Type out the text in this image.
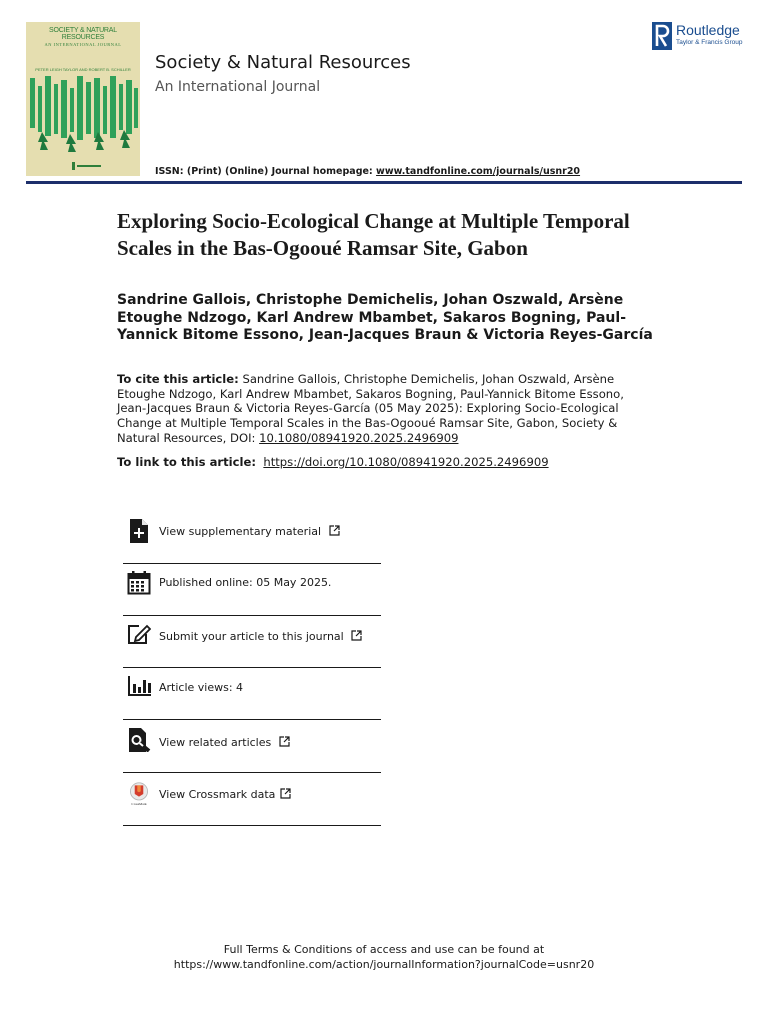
SOCIETY & NATURAL RESOURCES
AN INTERNATIONAL JOURNAL
PETER LEIGH TAYLOR AND ROBERT B. SCHILLER Society & Natural Resources
An International Journal
ISSN: (Print) (Online) Journal homepage: www.tandfonline.com/journals/usnr20
Routledge
Taylor & Francis Group
Exploring Socio-Ecological Change at Multiple Temporal Scales in the Bas-Ogooué Ramsar Site, Gabon
Sandrine Gallois, Christophe Demichelis, Johan Oszwald, Arsène Etoughe Ndzogo, Karl Andrew Mbambet, Sakaros Bogning, Paul-Yannick Bitome Essono, Jean-Jacques Braun & Victoria Reyes-García
To cite this article: Sandrine Gallois, Christophe Demichelis, Johan Oszwald, Arsène Etoughe Ndzogo, Karl Andrew Mbambet, Sakaros Bogning, Paul-Yannick Bitome Essono, Jean-Jacques Braun & Victoria Reyes-García (05 May 2025): Exploring Socio-Ecological Change at Multiple Temporal Scales in the Bas-Ogooué Ramsar Site, Gabon, Society & Natural Resources, DOI: 10.1080/08941920.2025.2496909
To link to this article: https://doi.org/10.1080/08941920.2025.2496909
View supplementary material
Published online: 05 May 2025.
Submit your article to this journal
Article views: 4
View related articles
CrossMark
View Crossmark data
Full Terms & Conditions of access and use can be found at
https://www.tandfonline.com/action/journalInformation?journalCode=usnr20
